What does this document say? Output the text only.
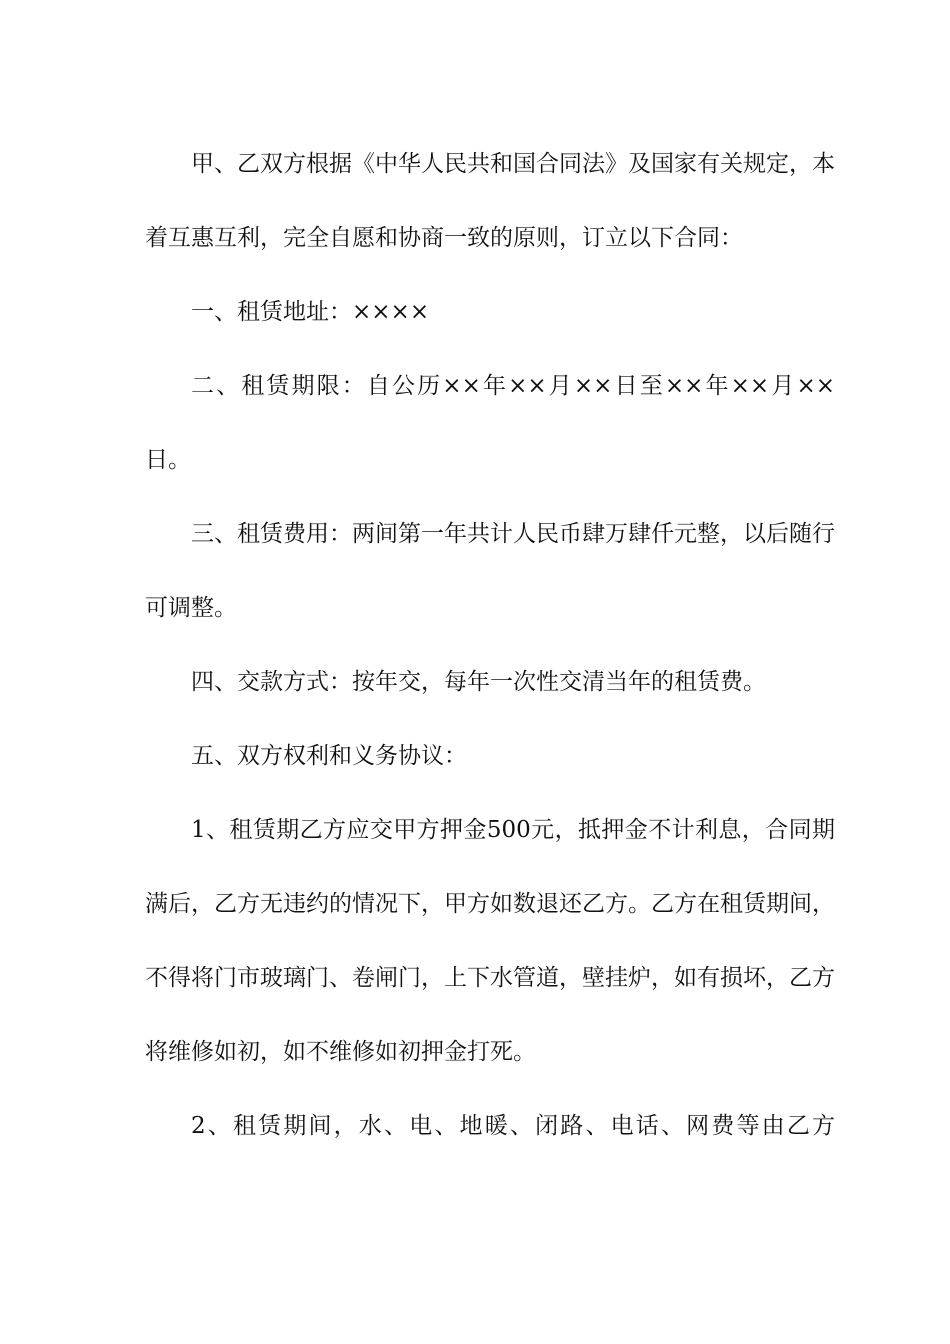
甲、乙双方根据《中华人民共和国合同法》及国家有关规定，本着互惠互利，完全自愿和协商一致的原则，订立以下合同：

一、租赁地址：××××

二、租赁期限：自公历××年××月××日至××年××月××日。

三、租赁费用：两间第一年共计人民币肆万肆仟元整，以后随行可调整。

四、交款方式：按年交，每年一次性交清当年的租赁费。

五、双方权利和义务协议：

1、租赁期乙方应交甲方押金500元，抵押金不计利息，合同期满后，乙方无违约的情况下，甲方如数退还乙方。乙方在租赁期间，不得将门市玻璃门、卷闸门，上下水管道，壁挂炉，如有损坏，乙方将维修如初，如不维修如初押金打死。

2、租赁期间，水、电、地暖、闭路、电话、网费等由乙方
